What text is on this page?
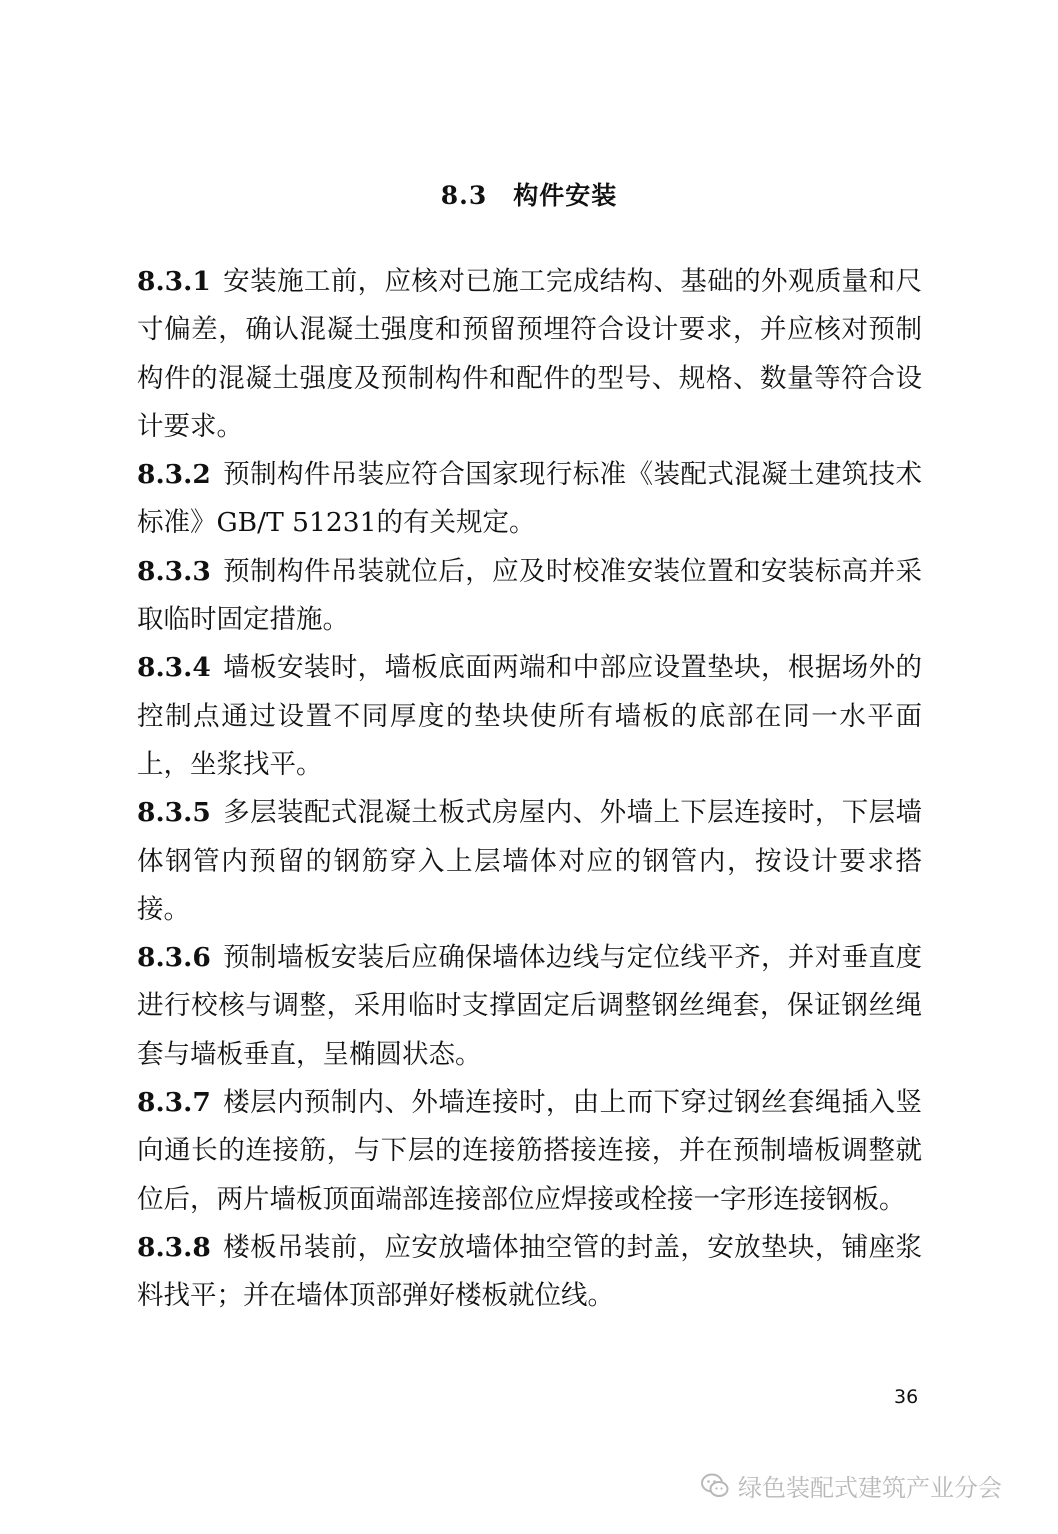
8.3 构件安装

8.3.1 安装施工前，应核对已施工完成结构、基础的外观质量和尺寸偏差，确认混凝土强度和预留预埋符合设计要求，并应核对预制构件的混凝土强度及预制构件和配件的型号、规格、数量等符合设计要求。

8.3.2 预制构件吊装应符合国家现行标准《装配式混凝土建筑技术标准》GB/T 51231的有关规定。

8.3.3 预制构件吊装就位后，应及时校准安装位置和安装标高并采取临时固定措施。

8.3.4 墙板安装时，墙板底面两端和中部应设置垫块，根据场外的控制点通过设置不同厚度的垫块使所有墙板的底部在同一水平面上，坐浆找平。

8.3.5 多层装配式混凝土板式房屋内、外墙上下层连接时，下层墙体钢管内预留的钢筋穿入上层墙体对应的钢管内，按设计要求搭接。

8.3.6 预制墙板安装后应确保墙体边线与定位线平齐，并对垂直度进行校核与调整，采用临时支撑固定后调整钢丝绳套，保证钢丝绳套与墙板垂直，呈椭圆状态。

8.3.7 楼层内预制内、外墙连接时，由上而下穿过钢丝套绳插入竖向通长的连接筋，与下层的连接筋搭接连接，并在预制墙板调整就位后，两片墙板顶面端部连接部位应焊接或栓接一字形连接钢板。

8.3.8 楼板吊装前，应安放墙体抽空管的封盖，安放垫块，铺座浆料找平；并在墙体顶部弹好楼板就位线。

36
绿色装配式建筑产业分会
